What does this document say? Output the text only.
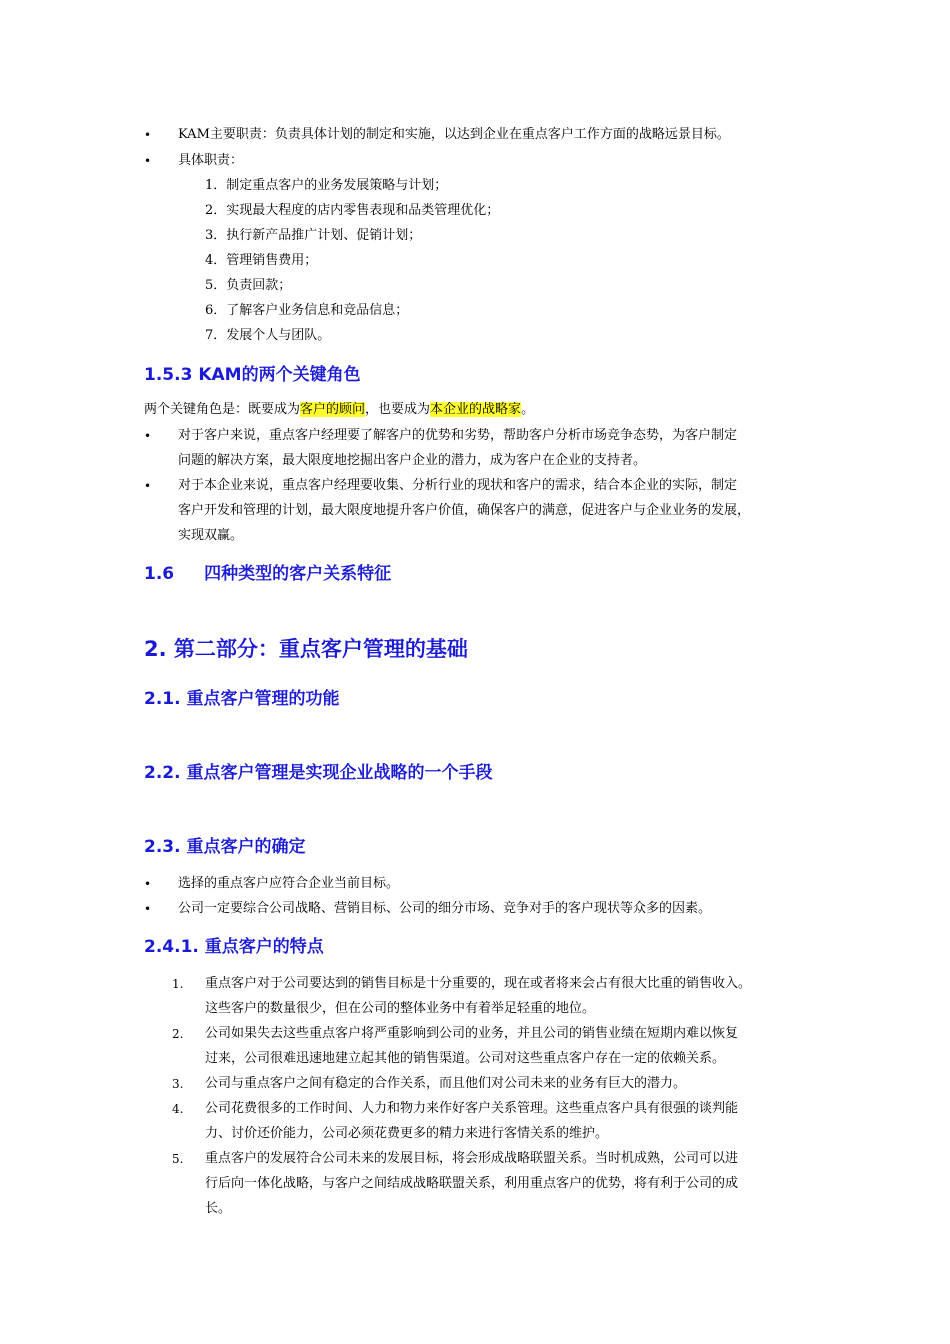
• KAM主要职责：负责具体计划的制定和实施，以达到企业在重点客户工作方面的战略远景目标。
• 具体职责：
1．制定重点客户的业务发展策略与计划；
2．实现最大程度的店内零售表现和品类管理优化；
3．执行新产品推广计划、促销计划；
4．管理销售费用；
5．负责回款；
6．了解客户业务信息和竞品信息；
7．发展个人与团队。
1.5.3 KAM的两个关键角色
两个关键角色是：既要成为客户的顾问，也要成为本企业的战略家。
• 对于客户来说，重点客户经理要了解客户的优势和劣势，帮助客户分析市场竞争态势，为客户制定
问题的解决方案，最大限度地挖掘出客户企业的潜力，成为客户在企业的支持者。
• 对于本企业来说，重点客户经理要收集、分析行业的现状和客户的需求，结合本企业的实际，制定
客户开发和管理的计划，最大限度地提升客户价值，确保客户的满意，促进客户与企业业务的发展，
实现双赢。
1.6 四种类型的客户关系特征
2. 第二部分：重点客户管理的基础
2.1. 重点客户管理的功能
2.2. 重点客户管理是实现企业战略的一个手段
2.3. 重点客户的确定
• 选择的重点客户应符合企业当前目标。
• 公司一定要综合公司战略、营销目标、公司的细分市场、竞争对手的客户现状等众多的因素。
2.4.1. 重点客户的特点
1. 重点客户对于公司要达到的销售目标是十分重要的，现在或者将来会占有很大比重的销售收入。
这些客户的数量很少，但在公司的整体业务中有着举足轻重的地位。
2. 公司如果失去这些重点客户将严重影响到公司的业务，并且公司的销售业绩在短期内难以恢复
过来，公司很难迅速地建立起其他的销售渠道。公司对这些重点客户存在一定的依赖关系。
3. 公司与重点客户之间有稳定的合作关系，而且他们对公司未来的业务有巨大的潜力。
4. 公司花费很多的工作时间、人力和物力来作好客户关系管理。这些重点客户具有很强的谈判能
力、讨价还价能力，公司必须花费更多的精力来进行客情关系的维护。
5. 重点客户的发展符合公司未来的发展目标，将会形成战略联盟关系。当时机成熟，公司可以进
行后向一体化战略，与客户之间结成战略联盟关系，利用重点客户的优势，将有利于公司的成
长。
